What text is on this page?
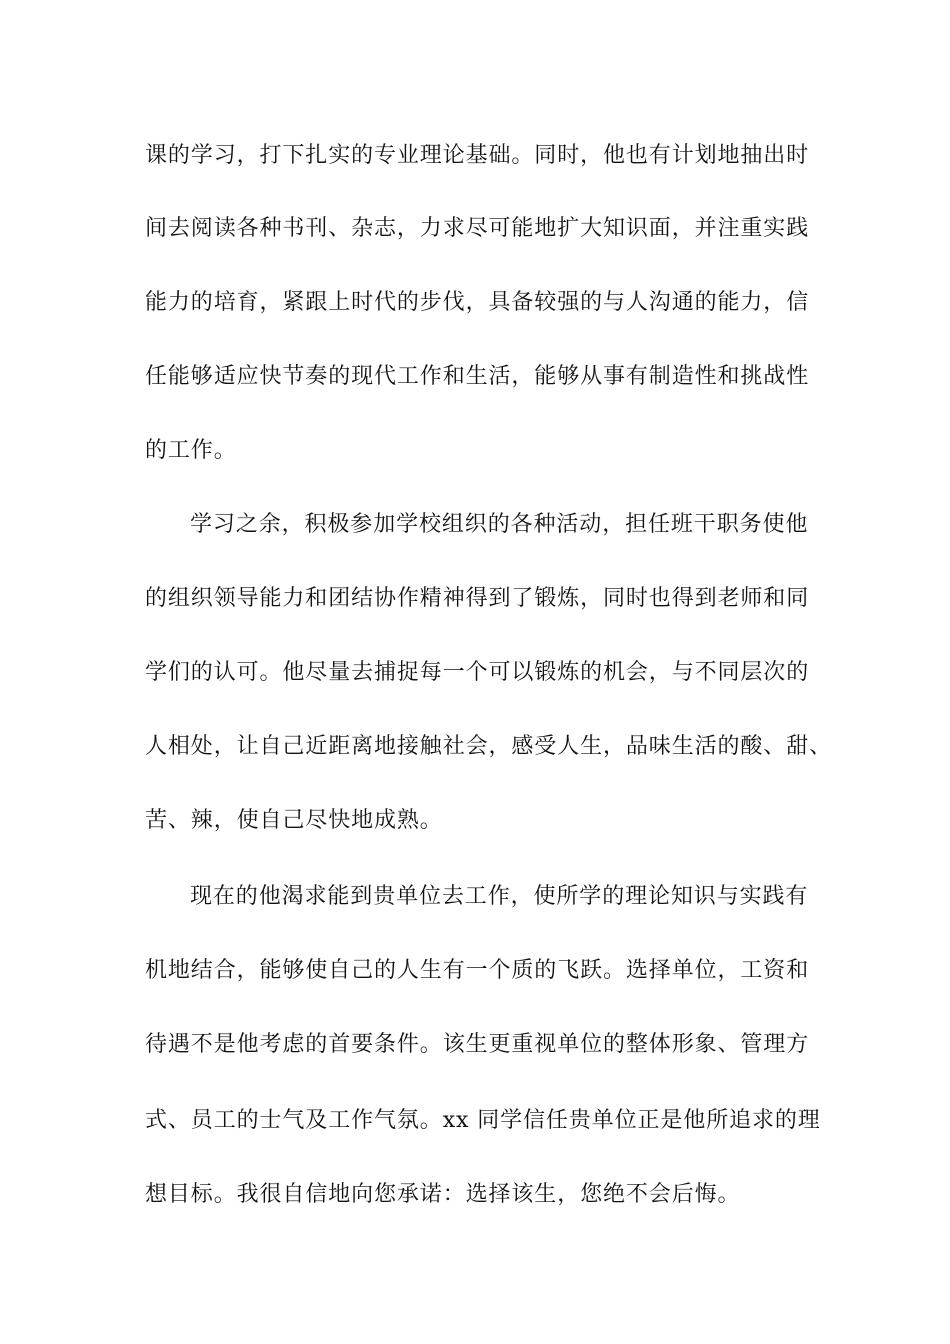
课的学习，打下扎实的专业理论基础。同时，他也有计划地抽出时
间去阅读各种书刊、杂志，力求尽可能地扩大知识面，并注重实践
能力的培育，紧跟上时代的步伐，具备较强的与人沟通的能力，信
任能够适应快节奏的现代工作和生活，能够从事有制造性和挑战性
的工作。
学习之余，积极参加学校组织的各种活动，担任班干职务使他
的组织领导能力和团结协作精神得到了锻炼，同时也得到老师和同
学们的认可。他尽量去捕捉每一个可以锻炼的机会，与不同层次的
人相处，让自己近距离地接触社会，感受人生，品味生活的酸、甜、
苦、辣，使自己尽快地成熟。
现在的他渴求能到贵单位去工作，使所学的理论知识与实践有
机地结合，能够使自己的人生有一个质的飞跃。选择单位，工资和
待遇不是他考虑的首要条件。该生更重视单位的整体形象、管理方
式、员工的士气及工作气氛。xx 同学信任贵单位正是他所追求的理
想目标。我很自信地向您承诺：选择该生，您绝不会后悔。
